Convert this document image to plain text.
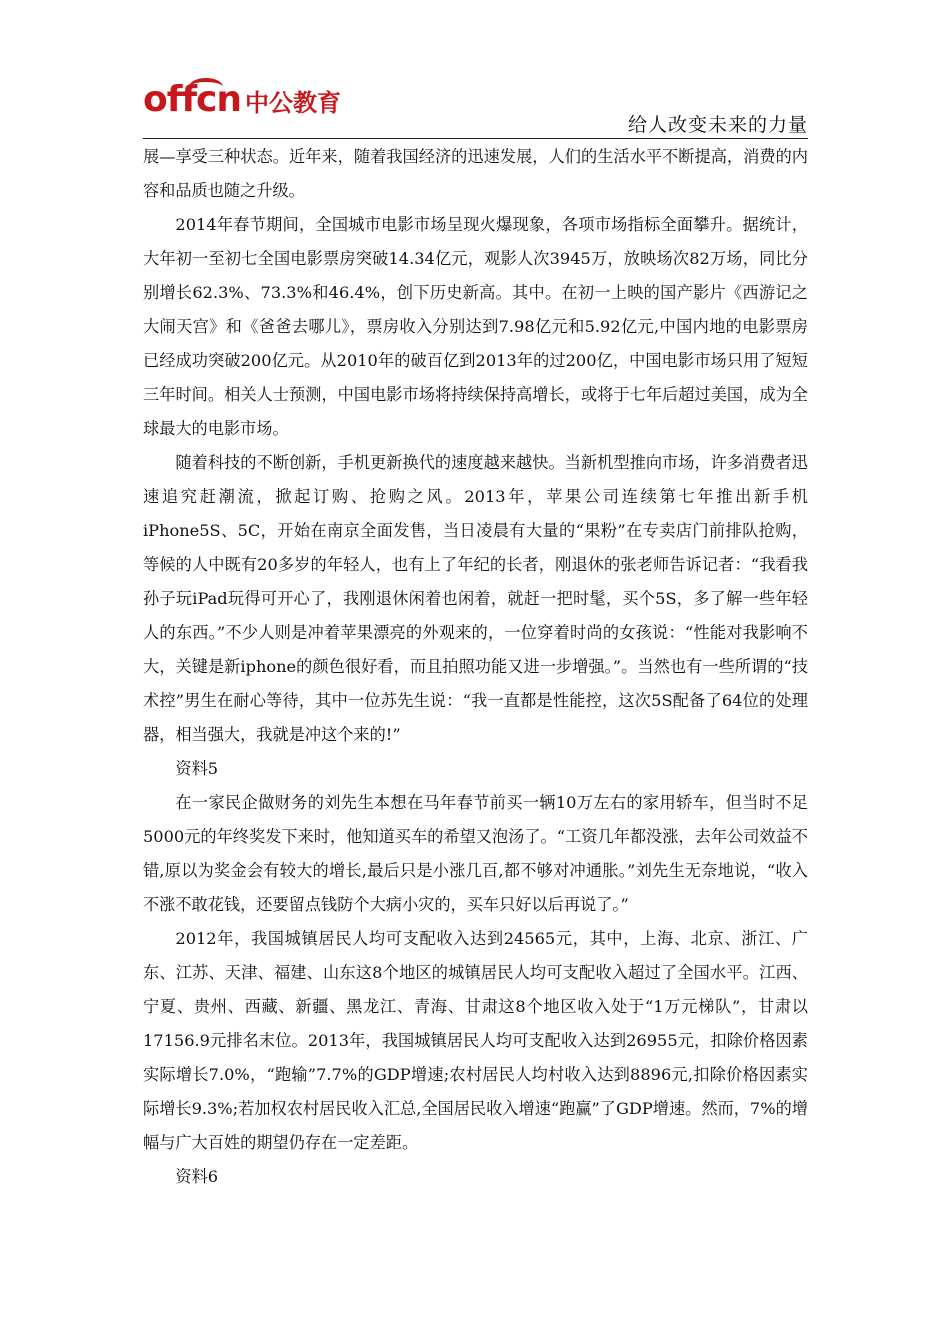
offcn 中公教育
给人改变未来的力量

展—享受三种状态。近年来，随着我国经济的迅速发展，人们的生活水平不断提高，消费的内容和品质也随之升级。

2014年春节期间，全国城市电影市场呈现火爆现象，各项市场指标全面攀升。据统计，大年初一至初七全国电影票房突破14.34亿元，观影人次3945万，放映场次82万场，同比分别增长62.3%、73.3%和46.4%，创下历史新高。其中。在初一上映的国产影片《西游记之大闹天宫》和《爸爸去哪儿》，票房收入分别达到7.98亿元和5.92亿元,中国内地的电影票房已经成功突破200亿元。从2010年的破百亿到2013年的过200亿，中国电影市场只用了短短三年时间。相关人士预测，中国电影市场将持续保持高增长，或将于七年后超过美国，成为全球最大的电影市场。

随着科技的不断创新，手机更新换代的速度越来越快。当新机型推向市场，许多消费者迅速追究赶潮流，掀起订购、抢购之风。2013年，苹果公司连续第七年推出新手机iPhone5S、5C，开始在南京全面发售，当日凌晨有大量的“果粉”在专卖店门前排队抢购，等候的人中既有20多岁的年轻人，也有上了年纪的长者，刚退休的张老师告诉记者：“我看我孙子玩iPad玩得可开心了，我刚退休闲着也闲着，就赶一把时髦，买个5S，多了解一些年轻人的东西。”不少人则是冲着苹果漂亮的外观来的，一位穿着时尚的女孩说：“性能对我影响不大，关键是新iphone的颜色很好看，而且拍照功能又进一步增强。”。当然也有一些所谓的“技术控”男生在耐心等待，其中一位苏先生说：“我一直都是性能控，这次5S配备了64位的处理器，相当强大，我就是冲这个来的!”

资料5

在一家民企做财务的刘先生本想在马年春节前买一辆10万左右的家用轿车，但当时不足5000元的年终奖发下来时，他知道买车的希望又泡汤了。“工资几年都没涨，去年公司效益不错,原以为奖金会有较大的增长,最后只是小涨几百,都不够对冲通胀。”刘先生无奈地说，“收入不涨不敢花钱，还要留点钱防个大病小灾的，买车只好以后再说了。”

2012年，我国城镇居民人均可支配收入达到24565元，其中，上海、北京、浙江、广东、江苏、天津、福建、山东这8个地区的城镇居民人均可支配收入超过了全国水平。江西、宁夏、贵州、西藏、新疆、黑龙江、青海、甘肃这8个地区收入处于“1万元梯队”，甘肃以17156.9元排名末位。2013年，我国城镇居民人均可支配收入达到26955元，扣除价格因素实际增长7.0%，“跑输”7.7%的GDP增速;农村居民人均村收入达到8896元,扣除价格因素实际增长9.3%;若加权农村居民收入汇总,全国居民收入增速“跑赢”了GDP增速。然而，7%的增幅与广大百姓的期望仍存在一定差距。

资料6
